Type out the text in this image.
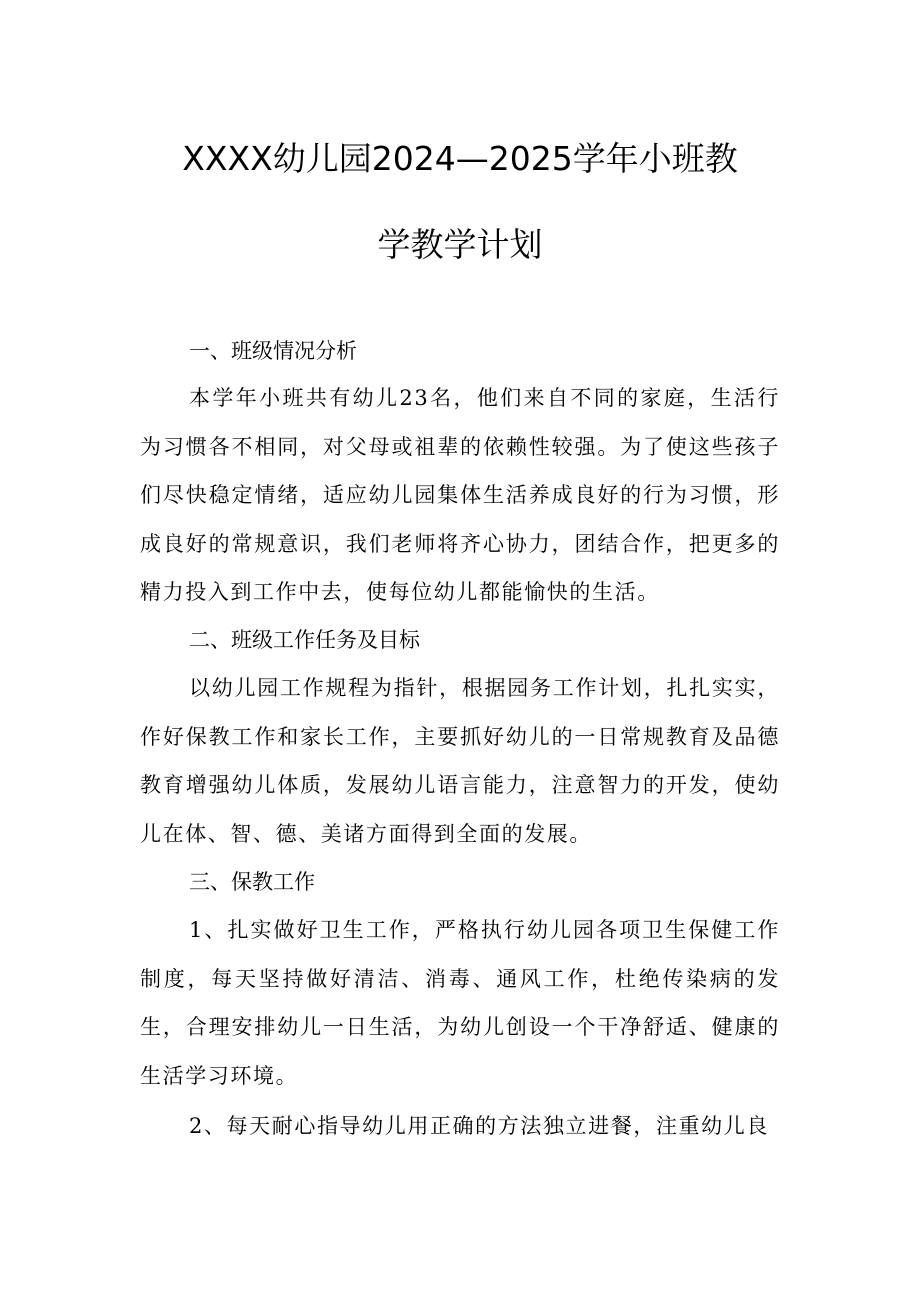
XXXX幼儿园2024—2025学年小班教
学教学计划
一、班级情况分析
本学年小班共有幼儿23名，他们来自不同的家庭，生活行为习惯各不相同，对父母或祖辈的依赖性较强。为了使这些孩子们尽快稳定情绪，适应幼儿园集体生活养成良好的行为习惯，形成良好的常规意识，我们老师将齐心协力，团结合作，把更多的精力投入到工作中去，使每位幼儿都能愉快的生活。
二、班级工作任务及目标
以幼儿园工作规程为指针，根据园务工作计划，扎扎实实，作好保教工作和家长工作，主要抓好幼儿的一日常规教育及品德教育增强幼儿体质，发展幼儿语言能力，注意智力的开发，使幼儿在体、智、德、美诸方面得到全面的发展。
三、保教工作
1、扎实做好卫生工作，严格执行幼儿园各项卫生保健工作制度，每天坚持做好清洁、消毒、通风工作，杜绝传染病的发生，合理安排幼儿一日生活，为幼儿创设一个干净舒适、健康的生活学习环境。
2、每天耐心指导幼儿用正确的方法独立进餐，注重幼儿良
